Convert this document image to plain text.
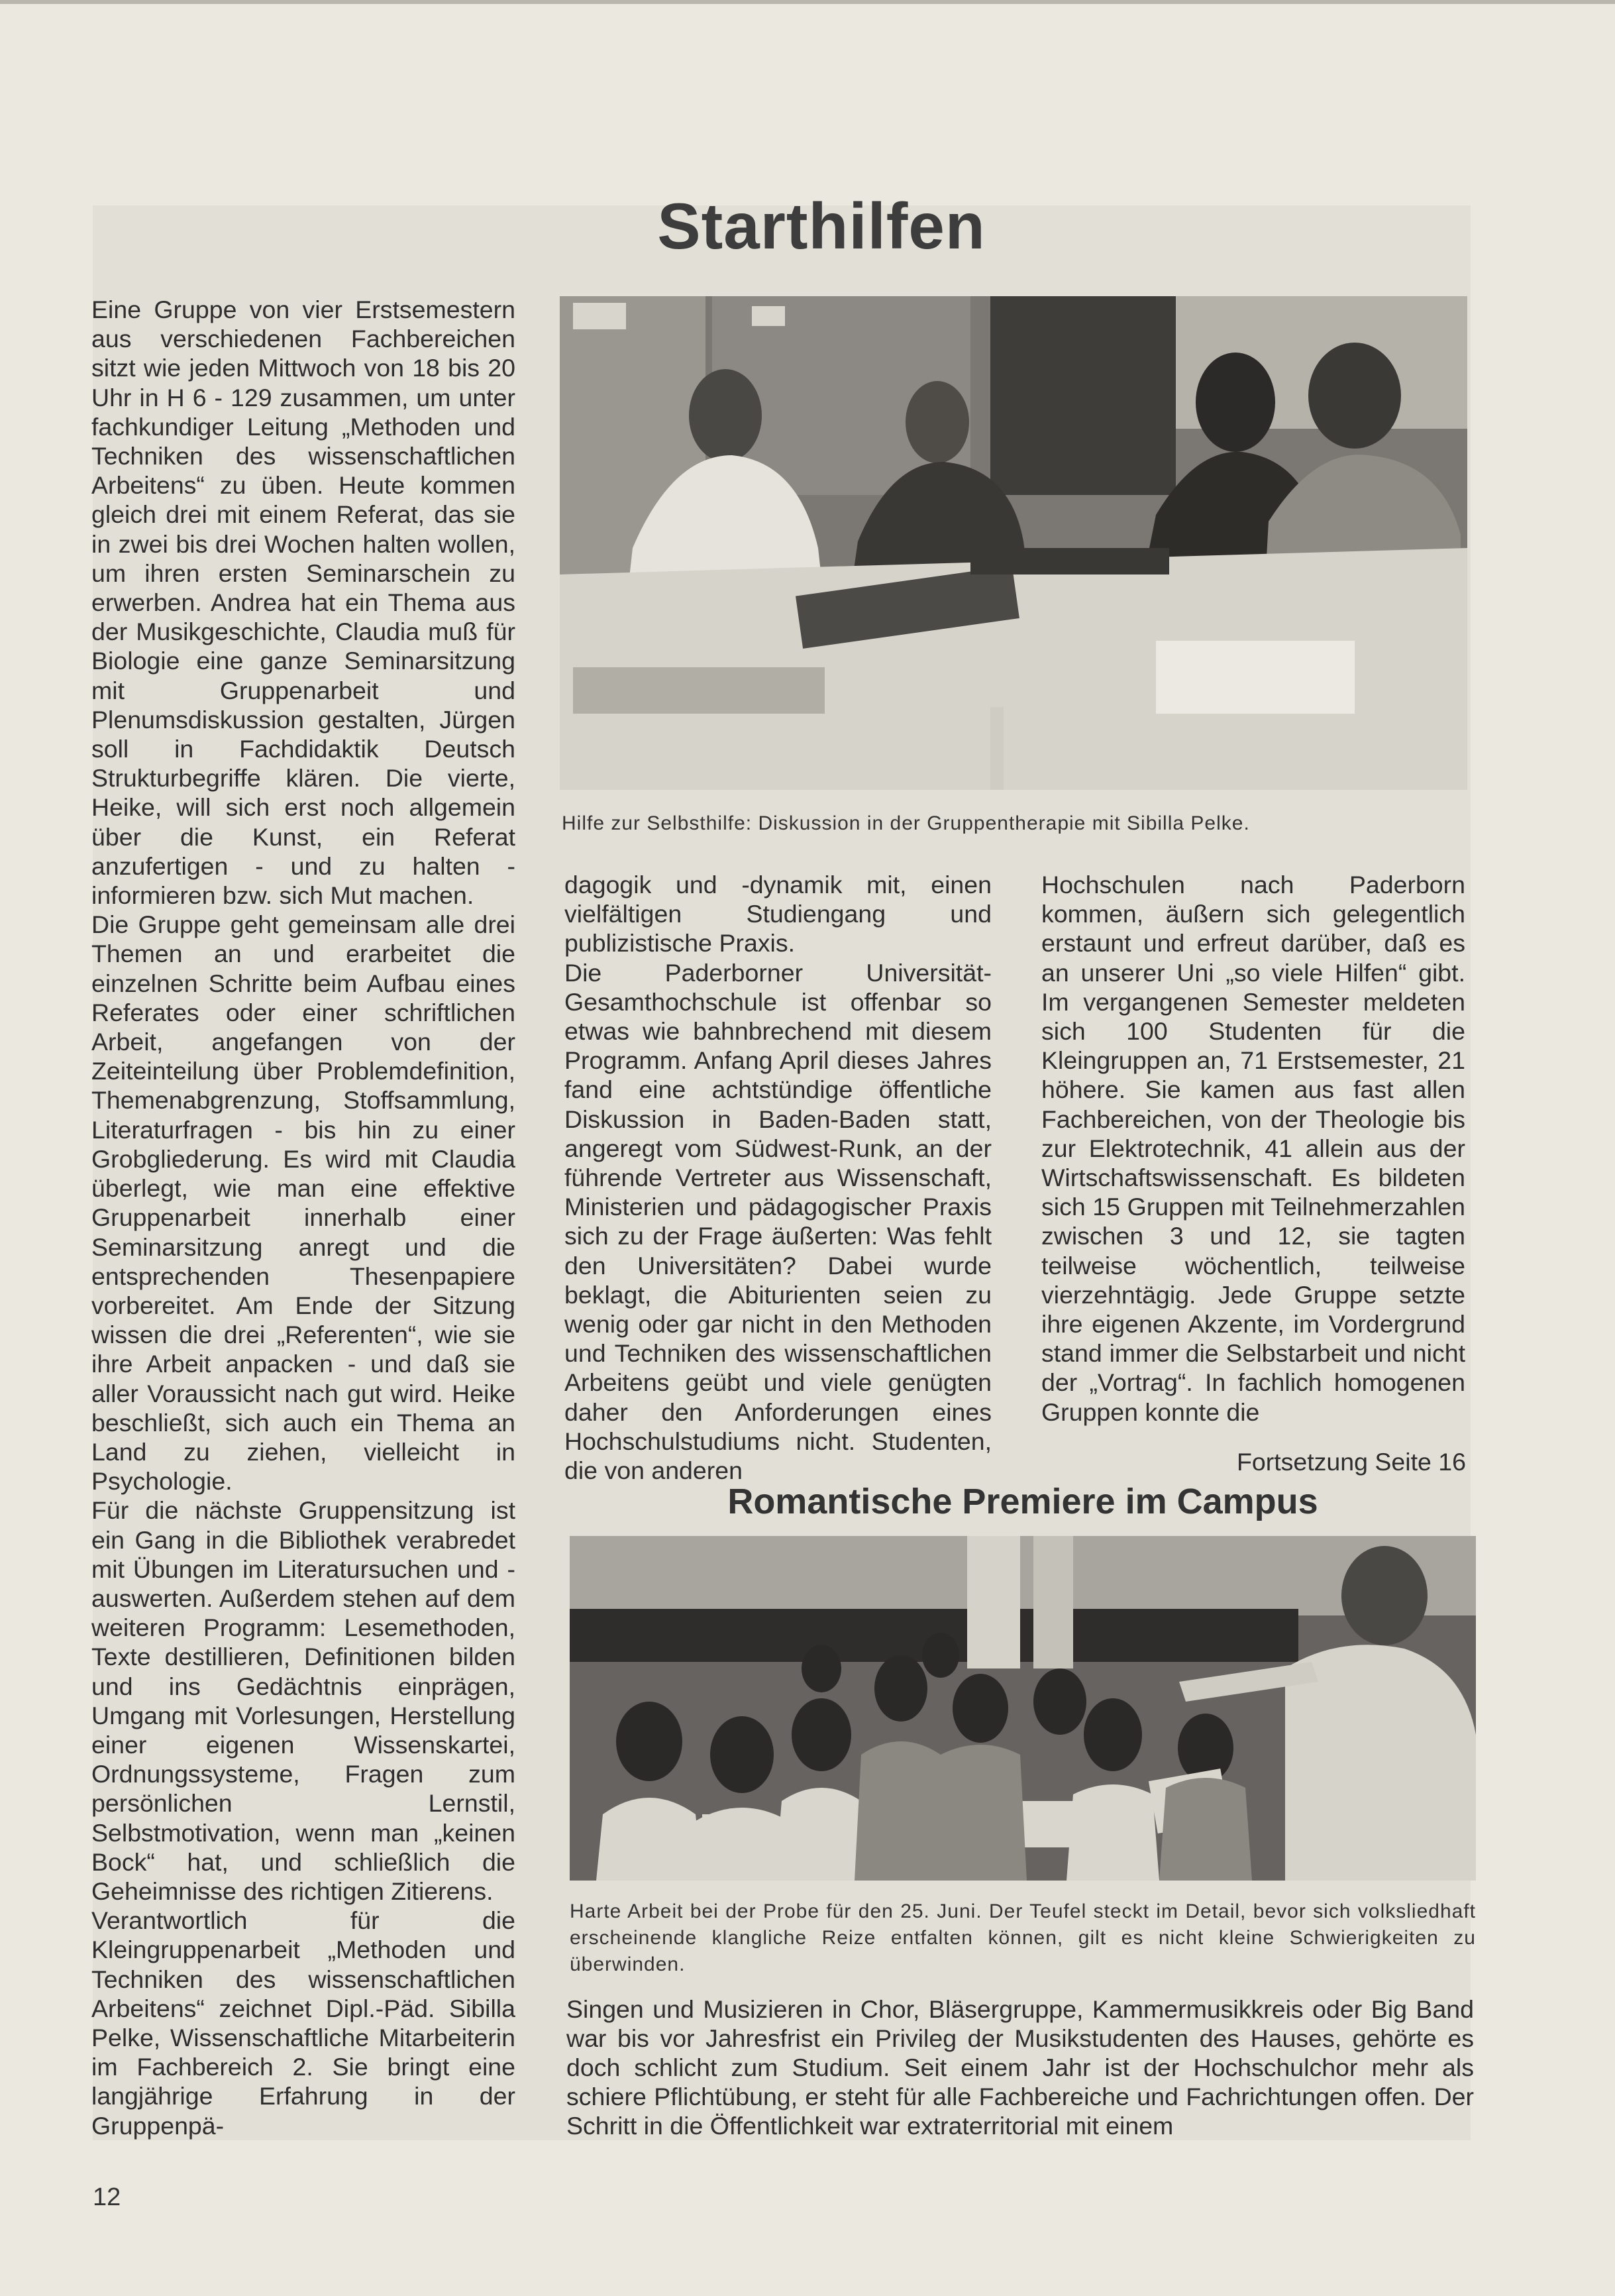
Starthilfen

Eine Gruppe von vier Erstsemestern aus verschiedenen Fachbereichen sitzt wie jeden Mittwoch von 18 bis 20 Uhr in H 6 - 129 zusammen, um unter fachkundiger Leitung „Methoden und Techniken des wissenschaftlichen Arbeitens“ zu üben. Heute kommen gleich drei mit einem Referat, das sie in zwei bis drei Wochen halten wollen, um ihren ersten Seminarschein zu erwerben. Andrea hat ein Thema aus der Musikgeschichte, Claudia muß für Biologie eine ganze Seminarsitzung mit Gruppenarbeit und Plenumsdiskussion gestalten, Jürgen soll in Fachdidaktik Deutsch Strukturbegriffe klären. Die vierte, Heike, will sich erst noch allgemein über die Kunst, ein Referat anzufertigen - und zu halten - informieren bzw. sich Mut machen.

Die Gruppe geht gemeinsam alle drei Themen an und erarbeitet die einzelnen Schritte beim Aufbau eines Referates oder einer schriftlichen Arbeit, angefangen von der Zeiteinteilung über Problemdefinition, Themenabgrenzung, Stoffsammlung, Literaturfragen - bis hin zu einer Grobgliederung. Es wird mit Claudia überlegt, wie man eine effektive Gruppenarbeit innerhalb einer Seminarsitzung anregt und die entsprechenden Thesenpapiere vorbereitet. Am Ende der Sitzung wissen die drei „Referenten“, wie sie ihre Arbeit anpacken - und daß sie aller Voraussicht nach gut wird. Heike beschließt, sich auch ein Thema an Land zu ziehen, vielleicht in Psychologie.

Für die nächste Gruppensitzung ist ein Gang in die Bibliothek verabredet mit Übungen im Literatursuchen und -auswerten. Außerdem stehen auf dem weiteren Programm: Lesemethoden, Texte destillieren, Definitionen bilden und ins Gedächtnis einprägen, Umgang mit Vorlesungen, Herstellung einer eigenen Wissenskartei, Ordnungssysteme, Fragen zum persönlichen Lernstil, Selbstmotivation, wenn man „keinen Bock“ hat, und schließlich die Geheimnisse des richtigen Zitierens.

Verantwortlich für die Kleingruppenarbeit „Methoden und Techniken des wissenschaftlichen Arbeitens“ zeichnet Dipl.-Päd. Sibilla Pelke, Wissenschaftliche Mitarbeiterin im Fachbereich 2. Sie bringt eine langjährige Erfahrung in der Gruppenpä-

Hilfe zur Selbsthilfe: Diskussion in der Gruppentherapie mit Sibilla Pelke.

dagogik und -dynamik mit, einen vielfältigen Studiengang und publizistische Praxis.

Die Paderborner Universität-Gesamthochschule ist offenbar so etwas wie bahnbrechend mit diesem Programm. Anfang April dieses Jahres fand eine achtstündige öffentliche Diskussion in Baden-Baden statt, angeregt vom Südwest-Runk, an der führende Vertreter aus Wissenschaft, Ministerien und pädagogischer Praxis sich zu der Frage äußerten: Was fehlt den Universitäten? Dabei wurde beklagt, die Abiturienten seien zu wenig oder gar nicht in den Methoden und Techniken des wissenschaftlichen Arbeitens geübt und viele genügten daher den Anforderungen eines Hochschulstudiums nicht. Studenten, die von anderen

Hochschulen nach Paderborn kommen, äußern sich gelegentlich erstaunt und erfreut darüber, daß es an unserer Uni „so viele Hilfen“ gibt. Im vergangenen Semester meldeten sich 100 Studenten für die Kleingruppen an, 71 Erstsemester, 21 höhere. Sie kamen aus fast allen Fachbereichen, von der Theologie bis zur Elektrotechnik, 41 allein aus der Wirtschaftswissenschaft. Es bildeten sich 15 Gruppen mit Teilnehmerzahlen zwischen 3 und 12, sie tagten teilweise wöchentlich, teilweise vierzehntägig. Jede Gruppe setzte ihre eigenen Akzente, im Vordergrund stand immer die Selbstarbeit und nicht der „Vortrag“. In fachlich homogenen Gruppen konnte die

Fortsetzung Seite 16
Romantische Premiere im Campus
Harte Arbeit bei der Probe für den 25. Juni. Der Teufel steckt im Detail, bevor sich volksliedhaft erscheinende klangliche Reize entfalten können, gilt es nicht kleine Schwierigkeiten zu überwinden.

Singen und Musizieren in Chor, Bläsergruppe, Kammermusikkreis oder Big Band war bis vor Jahresfrist ein Privileg der Musikstudenten des Hauses, gehörte es doch schlicht zum Studium. Seit einem Jahr ist der Hochschulchor mehr als schiere Pflichtübung, er steht für alle Fachbereiche und Fachrichtungen offen. Der Schritt in die Öffentlichkeit war extraterritorial mit einem

12
